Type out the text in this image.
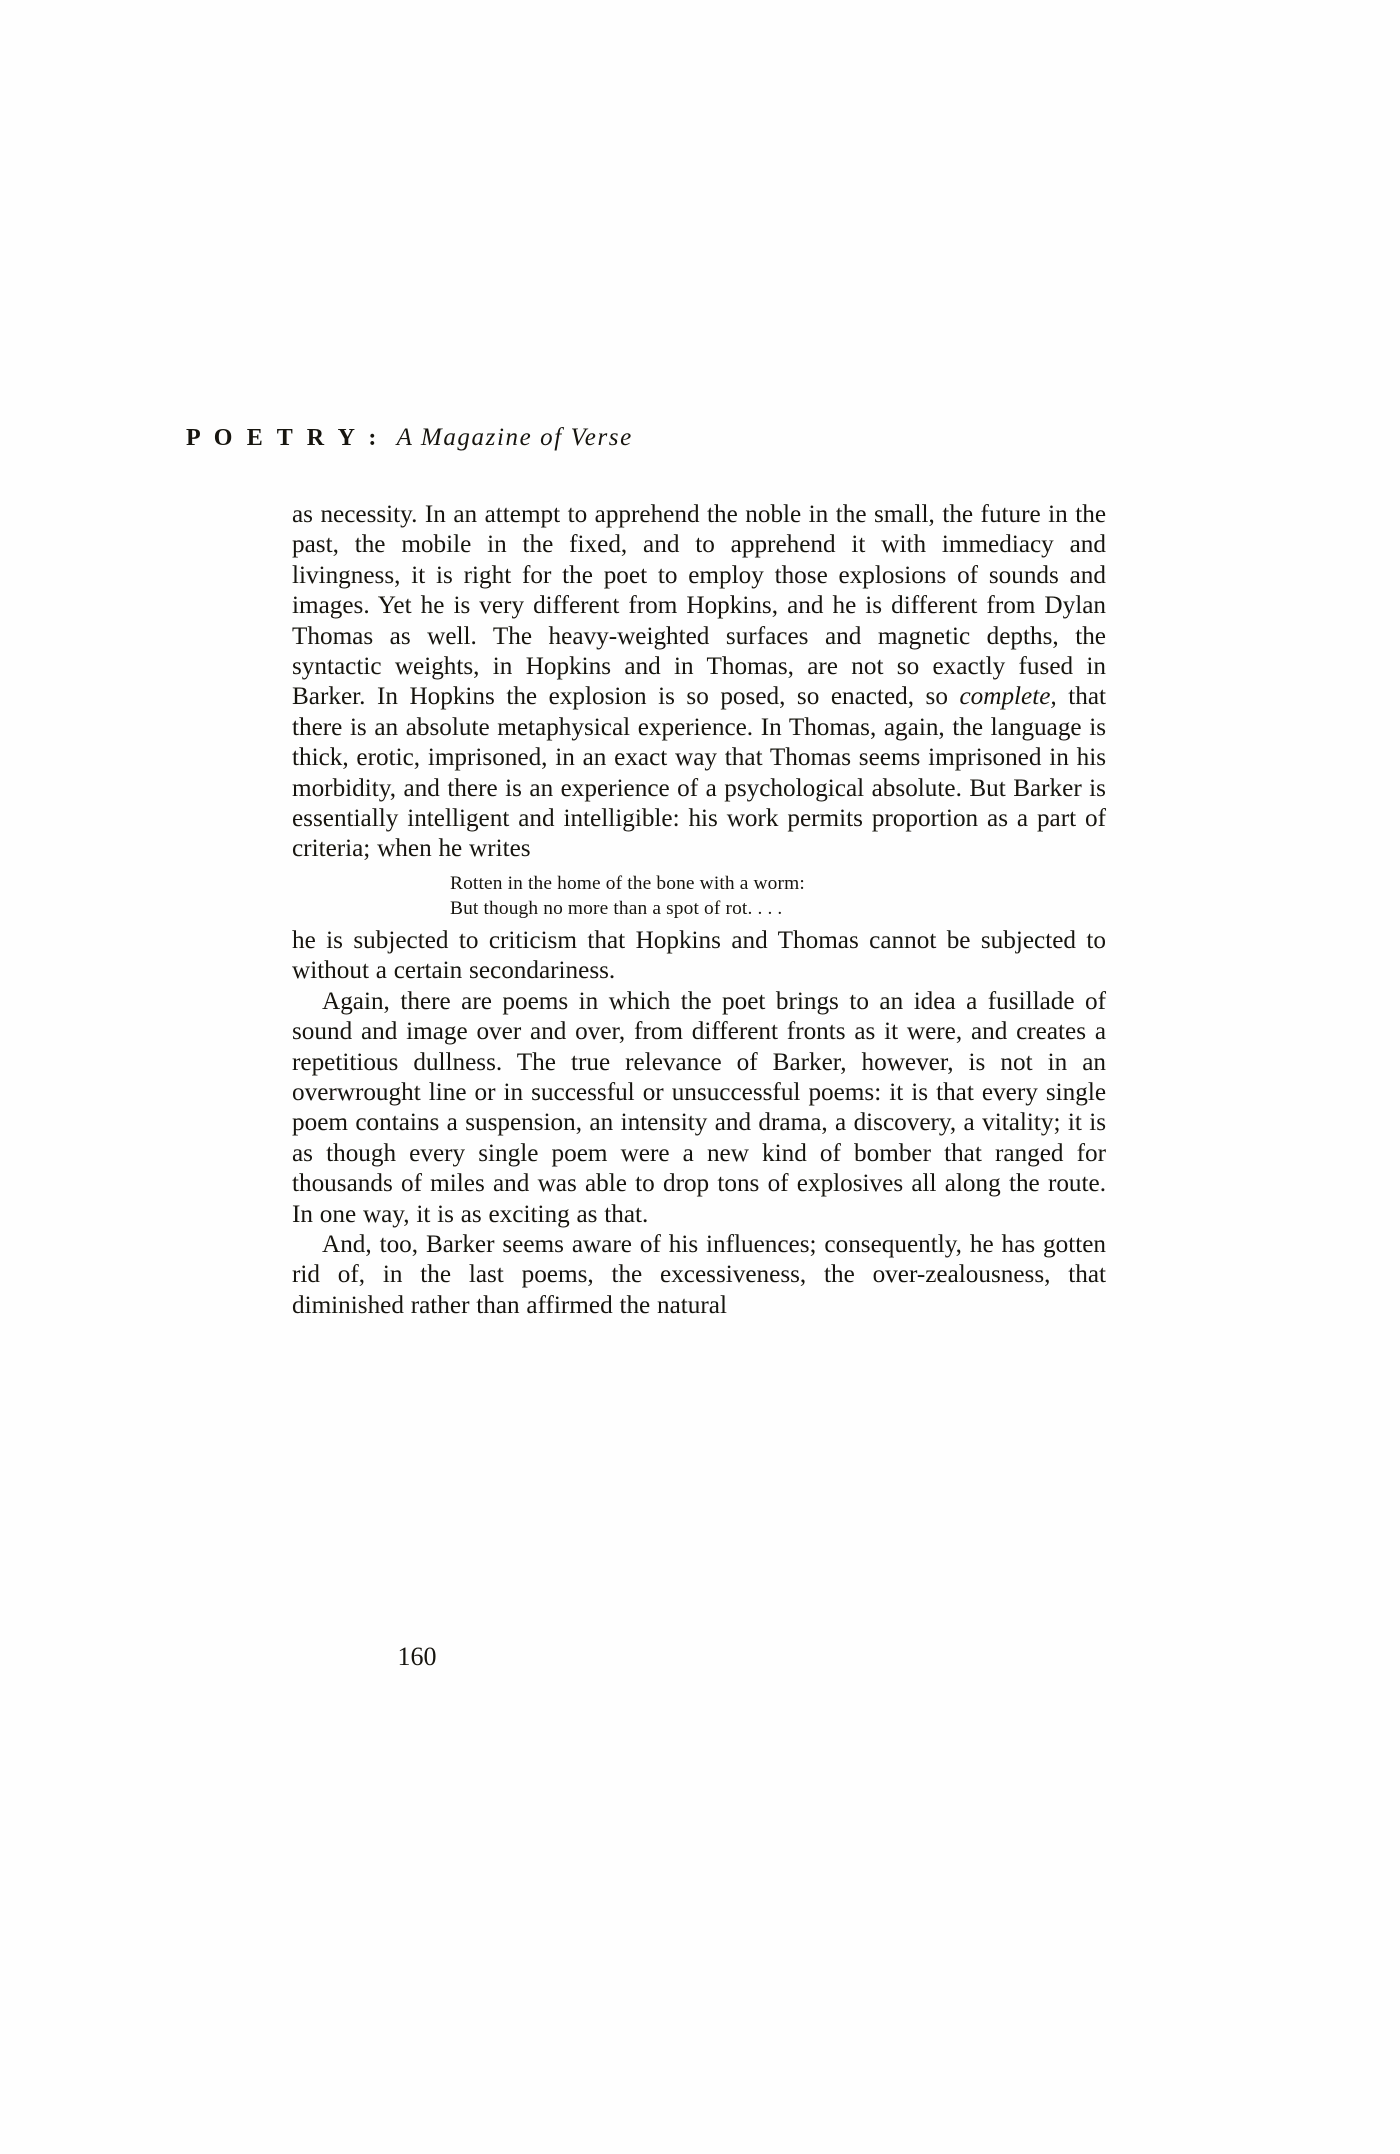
P O E T R Y : A Magazine of Verse

as necessity. In an attempt to apprehend the noble in the small, the future in the past, the mobile in the fixed, and to apprehend it with immediacy and livingness, it is right for the poet to employ those explosions of sounds and images. Yet he is very different from Hopkins, and he is different from Dylan Thomas as well. The heavy-weighted surfaces and magnetic depths, the syntactic weights, in Hopkins and in Thomas, are not so exactly fused in Barker. In Hopkins the explosion is so posed, so enacted, so complete, that there is an absolute metaphysical experience. In Thomas, again, the language is thick, erotic, imprisoned, in an exact way that Thomas seems imprisoned in his morbidity, and there is an experience of a psychological absolute. But Barker is essentially intelligent and intelligible: his work permits proportion as a part of criteria; when he writes

Rotten in the home of the bone with a worm:
But though no more than a spot of rot. . . .

he is subjected to criticism that Hopkins and Thomas cannot be subjected to without a certain secondariness.

Again, there are poems in which the poet brings to an idea a fusillade of sound and image over and over, from different fronts as it were, and creates a repetitious dullness. The true relevance of Barker, however, is not in an overwrought line or in successful or unsuccessful poems: it is that every single poem contains a suspension, an intensity and drama, a discovery, a vitality; it is as though every single poem were a new kind of bomber that ranged for thousands of miles and was able to drop tons of explosives all along the route. In one way, it is as exciting as that.

And, too, Barker seems aware of his influences; consequently, he has gotten rid of, in the last poems, the excessiveness, the over-zealousness, that diminished rather than affirmed the natural

160
